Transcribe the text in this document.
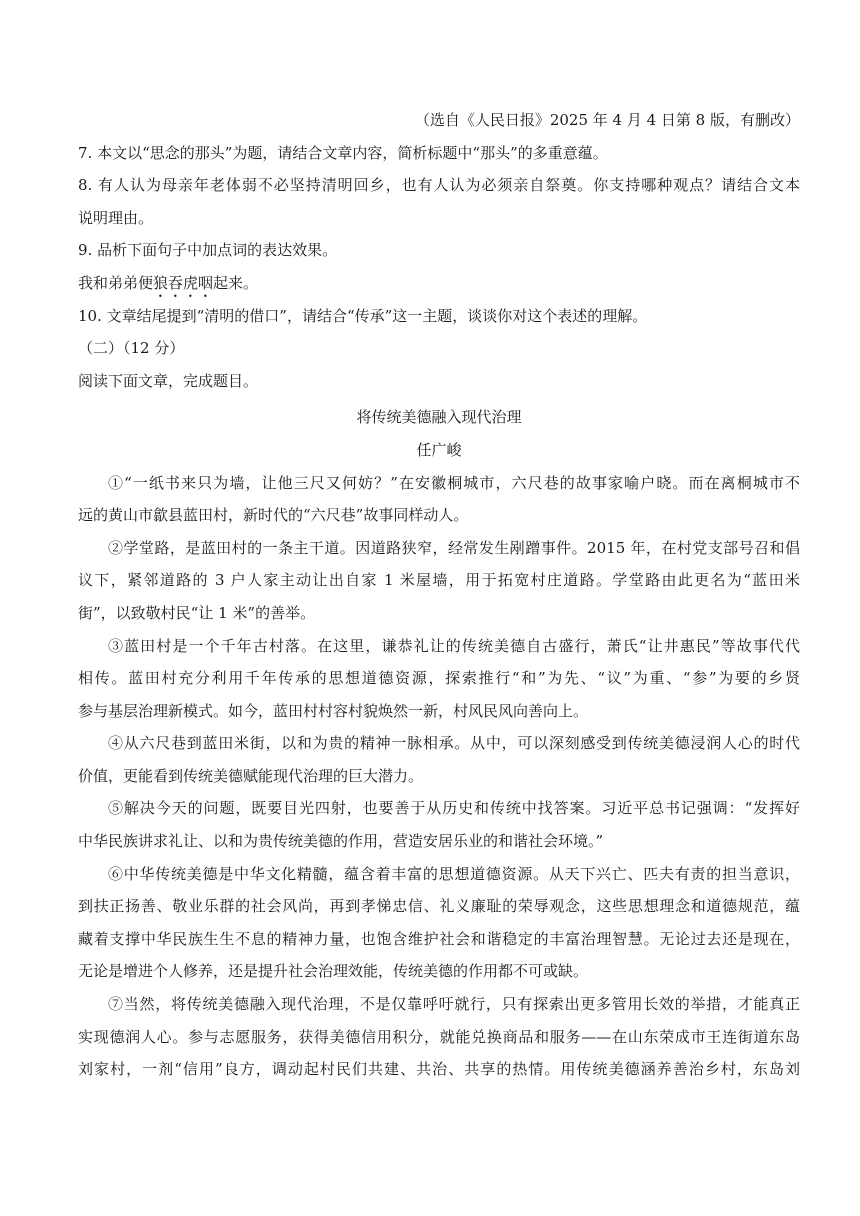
（选自《人民日报》2025 年 4 月 4 日第 8 版，有删改）
7. 本文以“思念的那头”为题，请结合文章内容，简析标题中“那头”的多重意蕴。
8. 有人认为母亲年老体弱不必坚持清明回乡，也有人认为必须亲自祭奠。你支持哪种观点？请结合文本
说明理由。
9. 品析下面句子中加点词的表达效果。
我和弟弟便狼吞虎咽起来。
10. 文章结尾提到“清明的借口”，请结合“传承”这一主题，谈谈你对这个表述的理解。
（二）（12 分）
阅读下面文章，完成题目。
将传统美德融入现代治理
任广峻
①“一纸书来只为墙，让他三尺又何妨？”在安徽桐城市，六尺巷的故事家喻户晓。而在离桐城市不
远的黄山市歙县蓝田村，新时代的“六尺巷”故事同样动人。
②学堂路，是蓝田村的一条主干道。因道路狭窄，经常发生剐蹭事件。2015 年，在村党支部号召和倡
议下，紧邻道路的 3 户人家主动让出自家 1 米屋墙，用于拓宽村庄道路。学堂路由此更名为“蓝田米
街”，以致敬村民“让 1 米”的善举。
③蓝田村是一个千年古村落。在这里，谦恭礼让的传统美德自古盛行，萧氏“让井惠民”等故事代代
相传。蓝田村充分利用千年传承的思想道德资源，探索推行“和”为先、“议”为重、“参”为要的乡贤
参与基层治理新模式。如今，蓝田村村容村貌焕然一新，村风民风向善向上。
④从六尺巷到蓝田米街，以和为贵的精神一脉相承。从中，可以深刻感受到传统美德浸润人心的时代
价值，更能看到传统美德赋能现代治理的巨大潜力。
⑤解决今天的问题，既要目光四射，也要善于从历史和传统中找答案。习近平总书记强调：“发挥好
中华民族讲求礼让、以和为贵传统美德的作用，营造安居乐业的和谐社会环境。”
⑥中华传统美德是中华文化精髓，蕴含着丰富的思想道德资源。从天下兴亡、匹夫有责的担当意识，
到扶正扬善、敬业乐群的社会风尚，再到孝悌忠信、礼义廉耻的荣辱观念，这些思想理念和道德规范，蕴
藏着支撑中华民族生生不息的精神力量，也饱含维护社会和谐稳定的丰富治理智慧。无论过去还是现在，
无论是增进个人修养，还是提升社会治理效能，传统美德的作用都不可或缺。
⑦当然，将传统美德融入现代治理，不是仅靠呼吁就行，只有探索出更多管用长效的举措，才能真正
实现德润人心。参与志愿服务，获得美德信用积分，就能兑换商品和服务——在山东荣成市王连街道东岛
刘家村，一剂“信用”良方，调动起村民们共建、共治、共享的热情。用传统美德涵养善治乡村，东岛刘
